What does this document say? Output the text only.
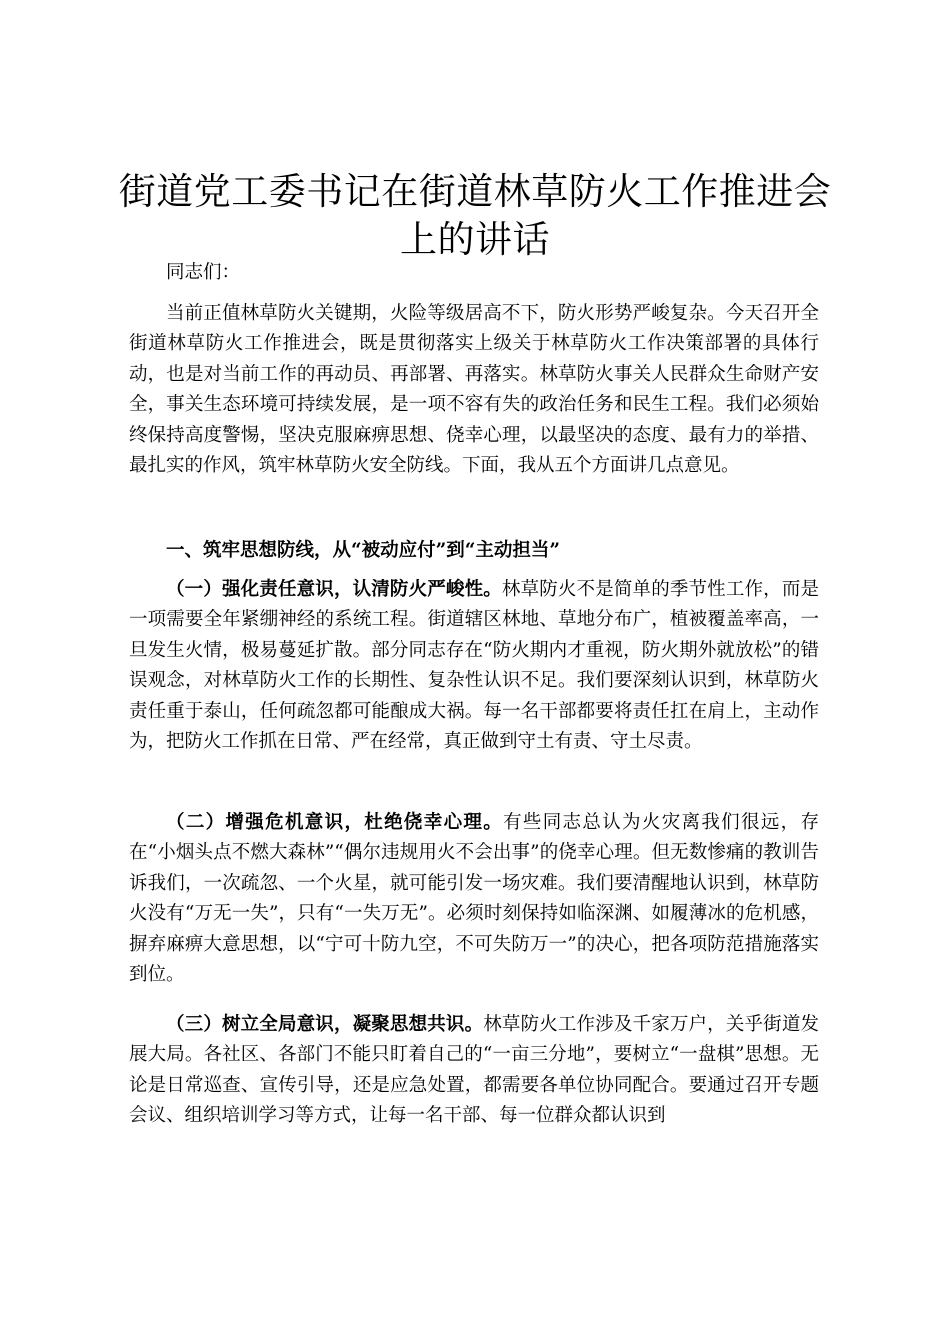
街道党工委书记在街道林草防火工作推进会上的讲话

同志们：

当前正值林草防火关键期，火险等级居高不下，防火形势严峻复杂。今天召开全街道林草防火工作推进会，既是贯彻落实上级关于林草防火工作决策部署的具体行动，也是对当前工作的再动员、再部署、再落实。林草防火事关人民群众生命财产安全，事关生态环境可持续发展，是一项不容有失的政治任务和民生工程。我们必须始终保持高度警惕，坚决克服麻痹思想、侥幸心理，以最坚决的态度、最有力的举措、最扎实的作风，筑牢林草防火安全防线。下面，我从五个方面讲几点意见。

一、筑牢思想防线，从“被动应付”到“主动担当”

（一）强化责任意识，认清防火严峻性。林草防火不是简单的季节性工作，而是一项需要全年紧绷神经的系统工程。街道辖区林地、草地分布广，植被覆盖率高，一旦发生火情，极易蔓延扩散。部分同志存在“防火期内才重视，防火期外就放松”的错误观念，对林草防火工作的长期性、复杂性认识不足。我们要深刻认识到，林草防火责任重于泰山，任何疏忽都可能酿成大祸。每一名干部都要将责任扛在肩上，主动作为，把防火工作抓在日常、严在经常，真正做到守土有责、守土尽责。

（二）增强危机意识，杜绝侥幸心理。有些同志总认为火灾离我们很远，存在“小烟头点不燃大森林”“偶尔违规用火不会出事”的侥幸心理。但无数惨痛的教训告诉我们，一次疏忽、一个火星，就可能引发一场灾难。我们要清醒地认识到，林草防火没有“万无一失”，只有“一失万无”。必须时刻保持如临深渊、如履薄冰的危机感，摒弃麻痹大意思想，以“宁可十防九空，不可失防万一”的决心，把各项防范措施落实到位。

（三）树立全局意识，凝聚思想共识。林草防火工作涉及千家万户，关乎街道发展大局。各社区、各部门不能只盯着自己的“一亩三分地”，要树立“一盘棋”思想。无论是日常巡查、宣传引导，还是应急处置，都需要各单位协同配合。要通过召开专题会议、组织培训学习等方式，让每一名干部、每一位群众都认识到
